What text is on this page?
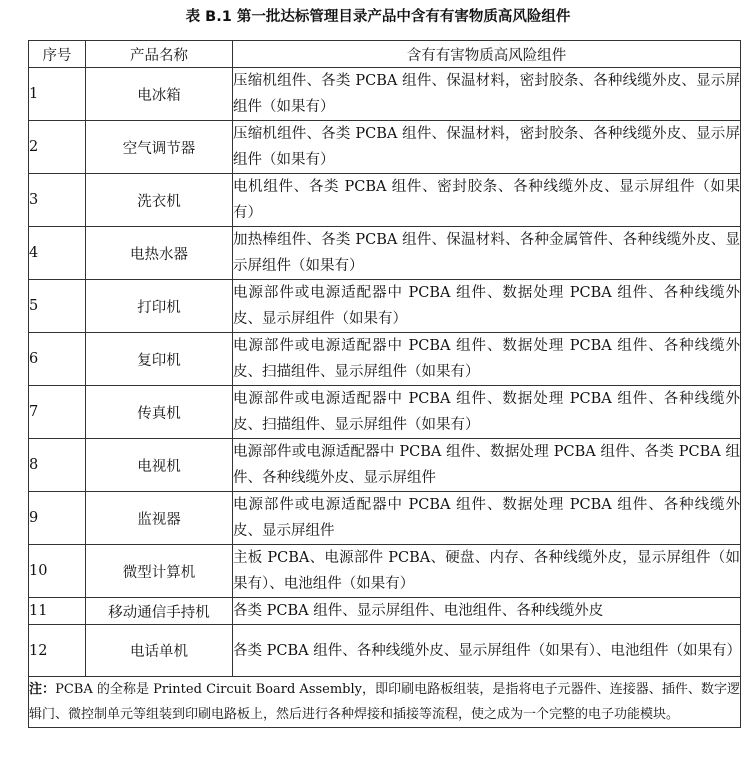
表 B.1 第一批达标管理目录产品中含有有害物质高风险组件
序号	产品名称	含有有害物质高风险组件
1	电冰箱	压缩机组件、各类 PCBA 组件、保温材料，密封胶条、各种线缆外皮、显示屏组件（如果有）
2	空气调节器	压缩机组件、各类 PCBA 组件、保温材料，密封胶条、各种线缆外皮、显示屏组件（如果有）
3	洗衣机	电机组件、各类 PCBA 组件、密封胶条、各种线缆外皮、显示屏组件（如果有）
4	电热水器	加热棒组件、各类 PCBA 组件、保温材料、各种金属管件、各种线缆外皮、显示屏组件（如果有）
5	打印机	电源部件或电源适配器中 PCBA 组件、数据处理 PCBA 组件、各种线缆外皮、显示屏组件（如果有）
6	复印机	电源部件或电源适配器中 PCBA 组件、数据处理 PCBA 组件、各种线缆外皮、扫描组件、显示屏组件（如果有）
7	传真机	电源部件或电源适配器中 PCBA 组件、数据处理 PCBA 组件、各种线缆外皮、扫描组件、显示屏组件（如果有）
8	电视机	电源部件或电源适配器中 PCBA 组件、数据处理 PCBA 组件、各类 PCBA 组件、各种线缆外皮、显示屏组件
9	监视器	电源部件或电源适配器中 PCBA 组件、数据处理 PCBA 组件、各种线缆外皮、显示屏组件
10	微型计算机	主板 PCBA、电源部件 PCBA、硬盘、内存、各种线缆外皮，显示屏组件（如果有）、电池组件（如果有）
11	移动通信手持机	各类 PCBA 组件、显示屏组件、电池组件、各种线缆外皮
12	电话单机	各类 PCBA 组件、各种线缆外皮、显示屏组件（如果有）、电池组件（如果有）
注：PCBA 的全称是 Printed Circuit Board Assembly，即印刷电路板组装，是指将电子元器件、连接器、插件、数字逻辑门、微控制单元等组装到印刷电路板上，然后进行各种焊接和插接等流程，使之成为一个完整的电子功能模块。		
